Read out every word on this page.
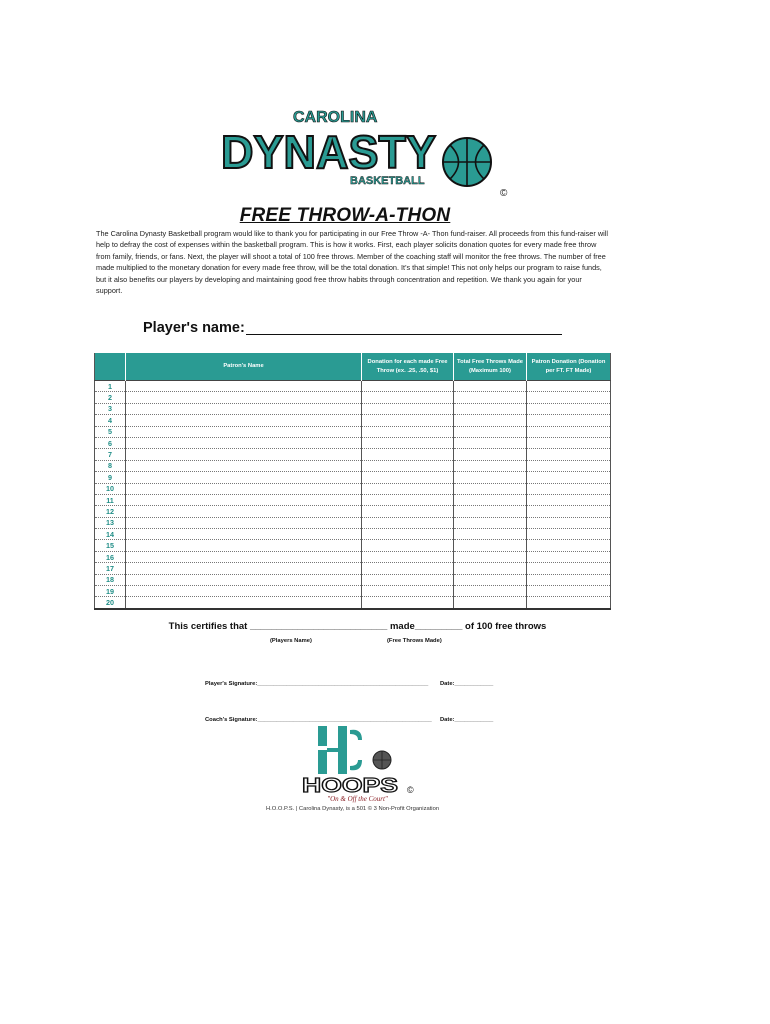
CAROLINA
DYNASTY
BASKETBALL
©
FREE THROW-A-THON
The Carolina Dynasty Basketball program would like to thank you for participating in our Free Throw -A- Thon fund-raiser. All proceeds from this fund-raiser will help to defray the cost of expenses within the basketball program. This is how it works. First, each player solicits donation quotes for every made free throw from family, friends, or fans. Next, the player will shoot a total of 100 free throws. Member of the coaching staff will monitor the free throws. The number of free made multiplied to the monetary donation for every made free throw, will be the total donation. It's that simple! This not only helps our program to raise funds, but it also benefits our players by developing and maintaining good free throw habits through concentration and repetition. We thank you again for your support.
Player's name:
	Patron's Name	Donation for each made Free Throw (ex. .25, .50, $1)	Total Free Throws Made (Maximum 100)	Patron Donation (Donation per FT. FT Made)
1				
2				
3				
4				
5				
6				
7				
8				
9				
10				
11				
12				
13				
14				
15				
16				
17				
18				
19				
20				
This certifies that __________________________ made_________ of 100 free throws
(Players Name)	(Free Throws Made)
Player's Signature:_____________________________________________________ Date:____________
Coach's Signature:______________________________________________________ Date:____________
HOOPS ©
"On & Off the Court"
H.O.O.P.S. | Carolina Dynasty, is a 501 © 3 Non-Profit Organization
